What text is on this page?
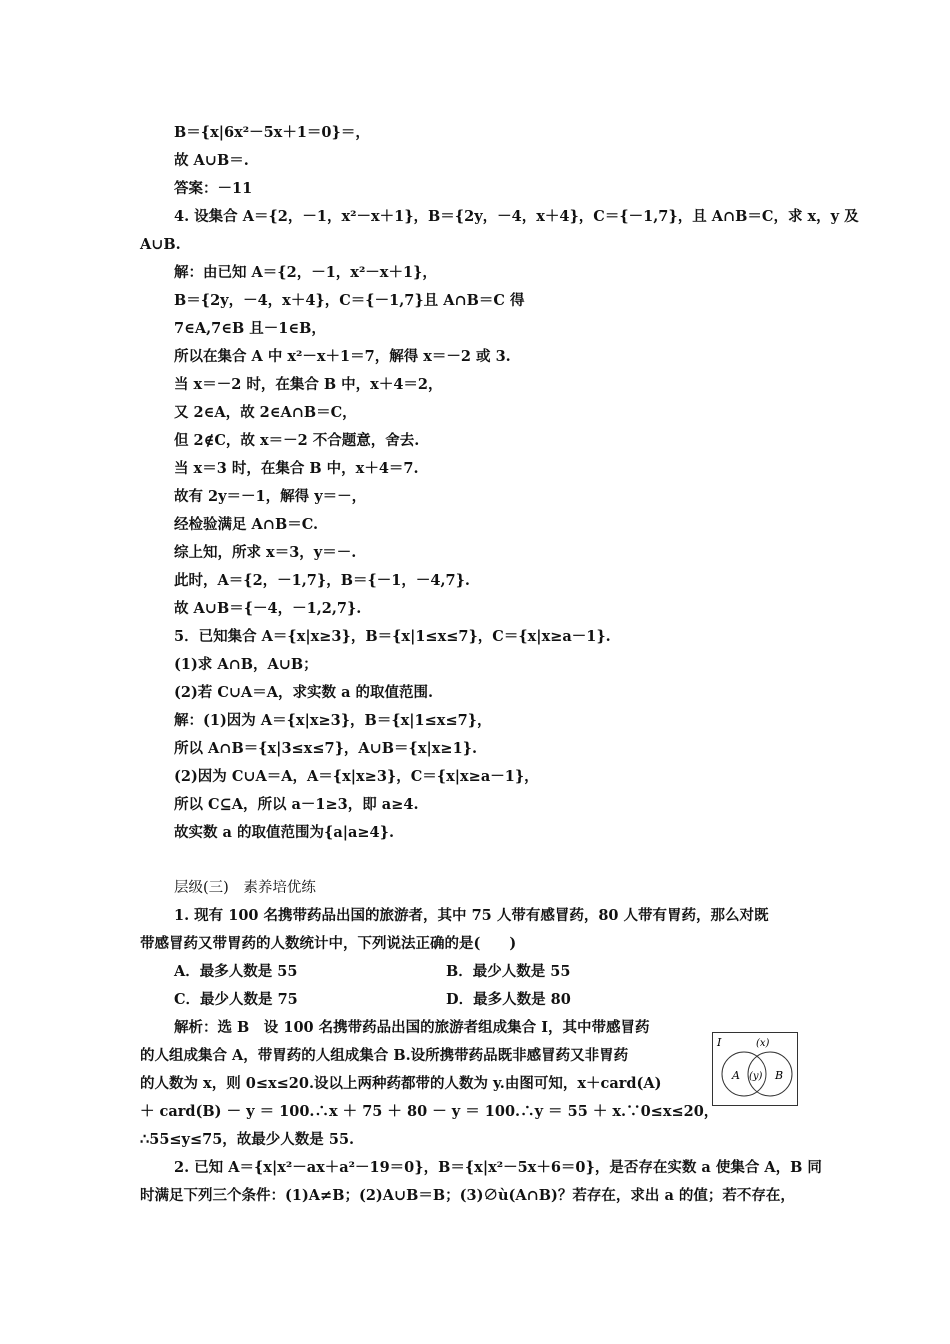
B＝{x|6x²－5x＋1＝0}＝，
故 A∪B＝.
答案：－11
4. 设集合 A＝{2，－1，x²－x＋1}，B＝{2y，－4，x＋4}，C＝{－1,7}，且 A∩B＝C，求 x，y 及
A∪B.
解：由已知 A＝{2，－1，x²－x＋1}，
B＝{2y，－4，x＋4}，C＝{－1,7}且 A∩B＝C 得
7∈A,7∈B 且－1∈B，
所以在集合 A 中 x²－x＋1＝7，解得 x＝－2 或 3.
当 x＝－2 时，在集合 B 中，x＋4＝2，
又 2∈A，故 2∈A∩B＝C，
但 2∉C，故 x＝－2 不合题意，舍去.
当 x＝3 时，在集合 B 中，x＋4＝7.
故有 2y＝－1，解得 y＝－，
经检验满足 A∩B＝C.
综上知，所求 x＝3，y＝－.
此时，A＝{2，－1,7}，B＝{－1，－4,7}.
故 A∪B＝{－4，－1,2,7}.
5．已知集合 A＝{x|x≥3}，B＝{x|1≤x≤7}，C＝{x|x≥a－1}.
(1)求 A∩B，A∪B；
(2)若 C∪A＝A，求实数 a 的取值范围.
解：(1)因为 A＝{x|x≥3}，B＝{x|1≤x≤7}，
所以 A∩B＝{x|3≤x≤7}，A∪B＝{x|x≥1}.
(2)因为 C∪A＝A，A＝{x|x≥3}，C＝{x|x≥a－1}，
所以 C⊆A，所以 a－1≥3，即 a≥4.
故实数 a 的取值范围为{a|a≥4}.
层级(三)　素养培优练
1. 现有 100 名携带药品出国的旅游者，其中 75 人带有感冒药，80 人带有胃药，那么对既
带感冒药又带胃药的人数统计中，下列说法正确的是(　　)
A．最多人数是 55	B．最少人数是 55
C．最少人数是 75	D．最多人数是 80
解析：选 B　设 100 名携带药品出国的旅游者组成集合 I，其中带感冒药
的人组成集合 A，带胃药的人组成集合 B.设所携带药品既非感冒药又非胃药
的人数为 x，则 0≤x≤20.设以上两种药都带的人数为 y.由图可知，x＋card(A)
＋ card(B) － y ＝ 100.∴x ＋ 75 ＋ 80 － y ＝ 100.∴y ＝ 55 ＋ x.∵0≤x≤20，
∴55≤y≤75，故最少人数是 55.
2. 已知 A＝{x|x²－ax＋a²－19＝0}，B＝{x|x²－5x＋6＝0}，是否存在实数 a 使集合 A，B 同
时满足下列三个条件：(1)A≠B；(2)A∪B＝B；(3)∅ù(A∩B)？若存在，求出 a 的值；若不存在，
I	(x)
A (y) B
